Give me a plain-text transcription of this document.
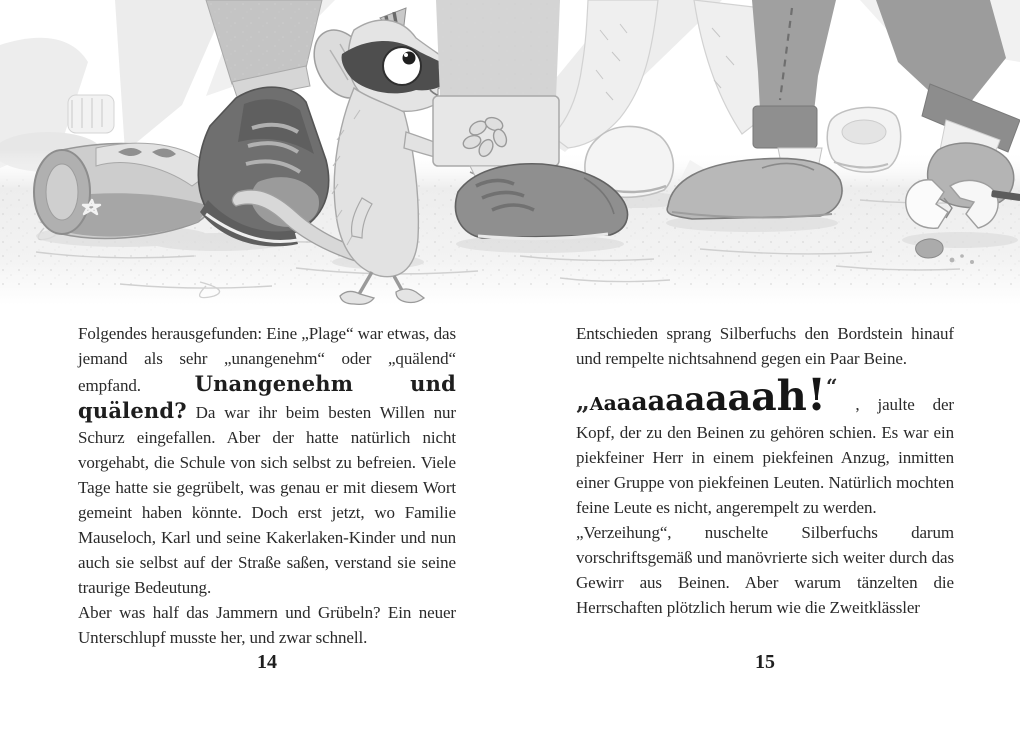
Folgendes herausgefunden: Eine „Plage“ war etwas, das jemand als sehr „unangenehm“ oder „quälend“ empfand. Unangenehm und quälend? Da war ihr beim besten Willen nur Schurz eingefallen. Aber der hatte natürlich nicht vorgehabt, die Schule von sich selbst zu befreien. Viele Tage hatte sie gegrübelt, was genau er mit diesem Wort gemeint haben könnte. Doch erst jetzt, wo Familie Mauseloch, Karl und seine Kakerlaken-Kinder und nun auch sie selbst auf der Straße saßen, verstand sie seine traurige Bedeutung.

Aber was half das Jammern und Grübeln? Ein neuer Unterschlupf musste her, und zwar schnell.

Entschieden sprang Silberfuchs den Bordstein hinauf und rempelte nichtsahnend gegen ein Paar Beine.

„Aaaaaaaaaah!“ , jaulte der Kopf, der zu den Beinen zu gehören schien. Es war ein piekfeiner Herr in einem piekfeinen Anzug, inmitten einer Gruppe von piekfeinen Leuten. Natürlich mochten feine Leute es nicht, angerempelt zu werden.

„Verzeihung“, nuschelte Silberfuchs darum vorschriftsgemäß und manövrierte sich weiter durch das Gewirr aus Beinen. Aber warum tänzelten die Herrschaften plötzlich herum wie die Zweitklässler

14	15
